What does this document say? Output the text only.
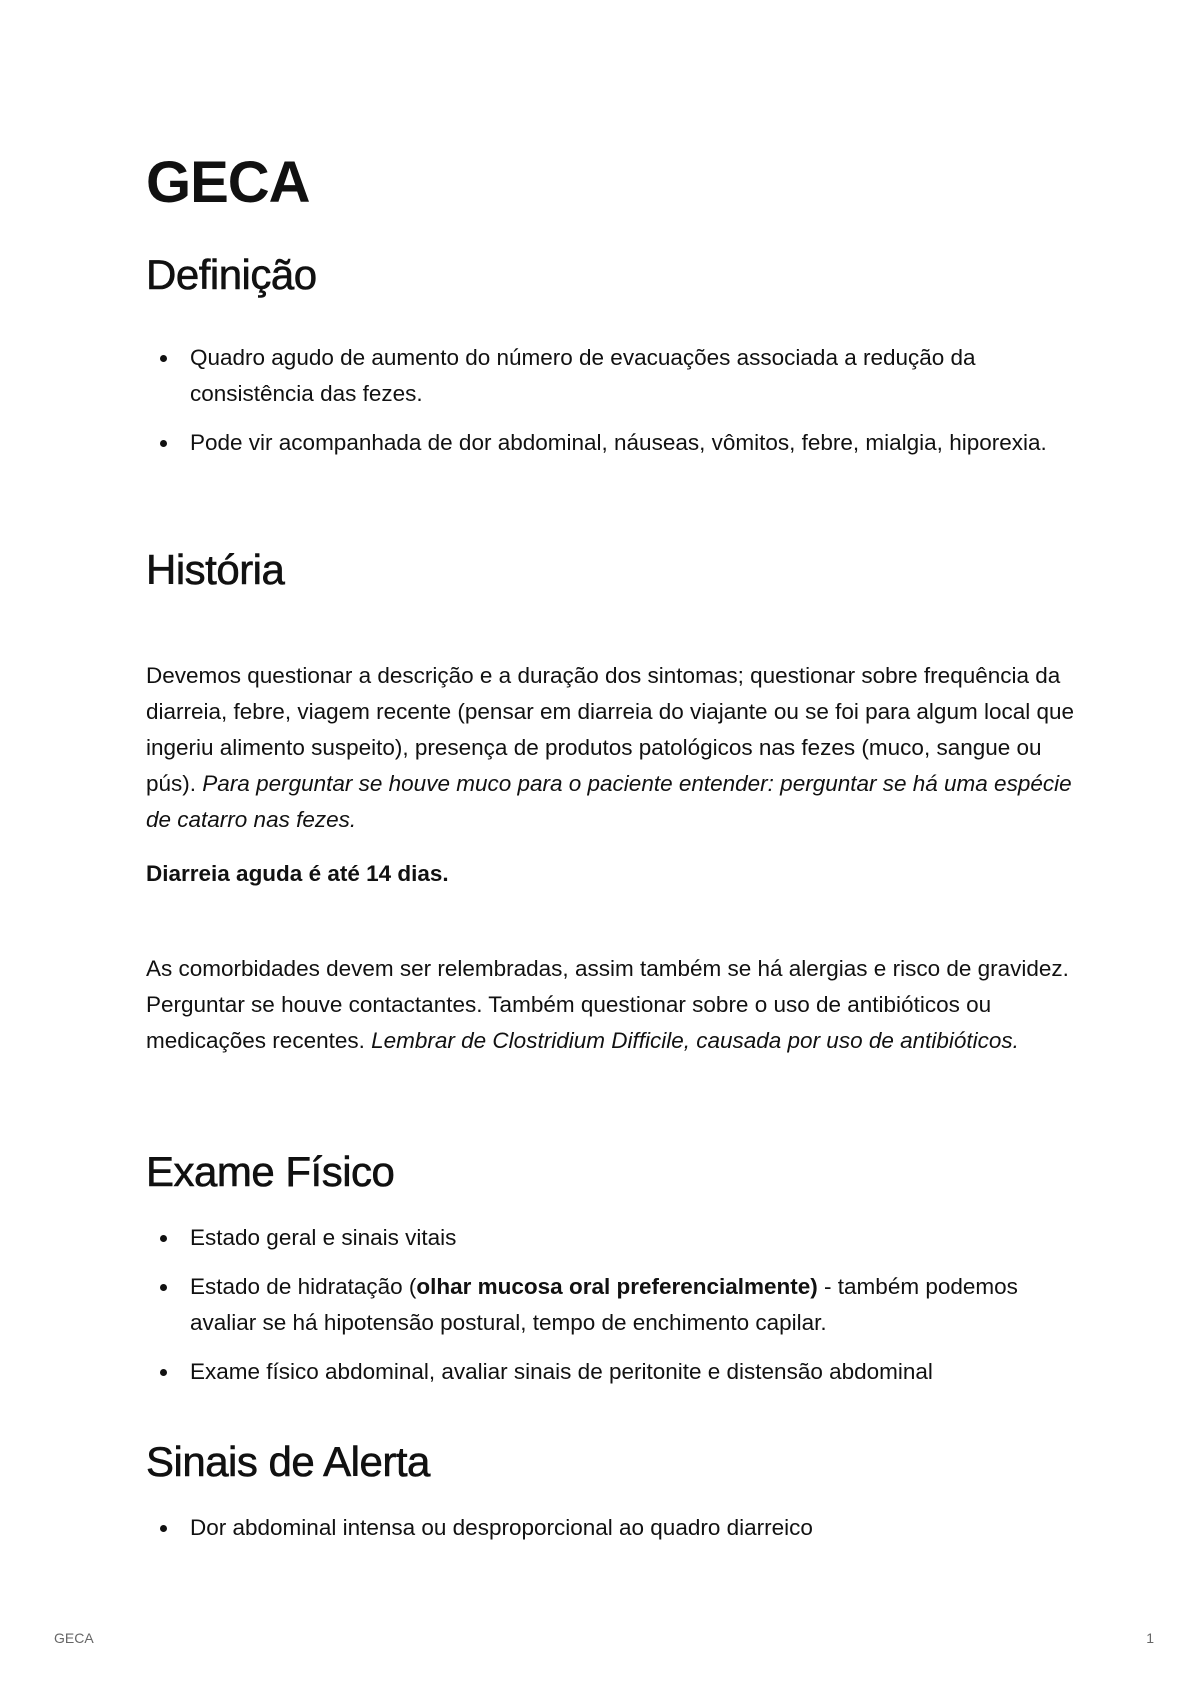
GECA
Definição
Quadro agudo de aumento do número de evacuações associada a redução da consistência das fezes.
Pode vir acompanhada de dor abdominal, náuseas, vômitos, febre, mialgia, hiporexia.
História

Devemos questionar a descrição e a duração dos sintomas; questionar sobre frequência da diarreia, febre, viagem recente (pensar em diarreia do viajante ou se foi para algum local que ingeriu alimento suspeito), presença de produtos patológicos nas fezes (muco, sangue ou pús). Para perguntar se houve muco para o paciente entender: perguntar se há uma espécie de catarro nas fezes.

Diarreia aguda é até 14 dias.

As comorbidades devem ser relembradas, assim também se há alergias e risco de gravidez. Perguntar se houve contactantes. Também questionar sobre o uso de antibióticos ou medicações recentes. Lembrar de Clostridium Difficile, causada por uso de antibióticos.

Exame Físico
Estado geral e sinais vitais
Estado de hidratação (olhar mucosa oral preferencialmente) - também podemos avaliar se há hipotensão postural, tempo de enchimento capilar.
Exame físico abdominal, avaliar sinais de peritonite e distensão abdominal
Sinais de Alerta
Dor abdominal intensa ou desproporcional ao quadro diarreico
GECA	1
